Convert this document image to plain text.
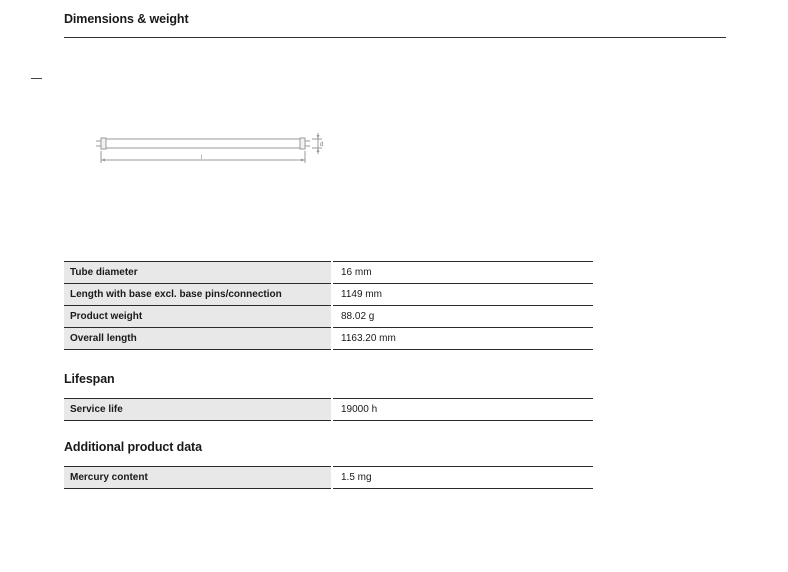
Dimensions & weight
l
d
Tube diameter	16 mm
Length with base excl. base pins/connection	1149 mm
Product weight	88.02 g
Overall length	1163.20 mm
Lifespan
Service life	19000 h
Additional product data
Mercury content	1.5 mg
